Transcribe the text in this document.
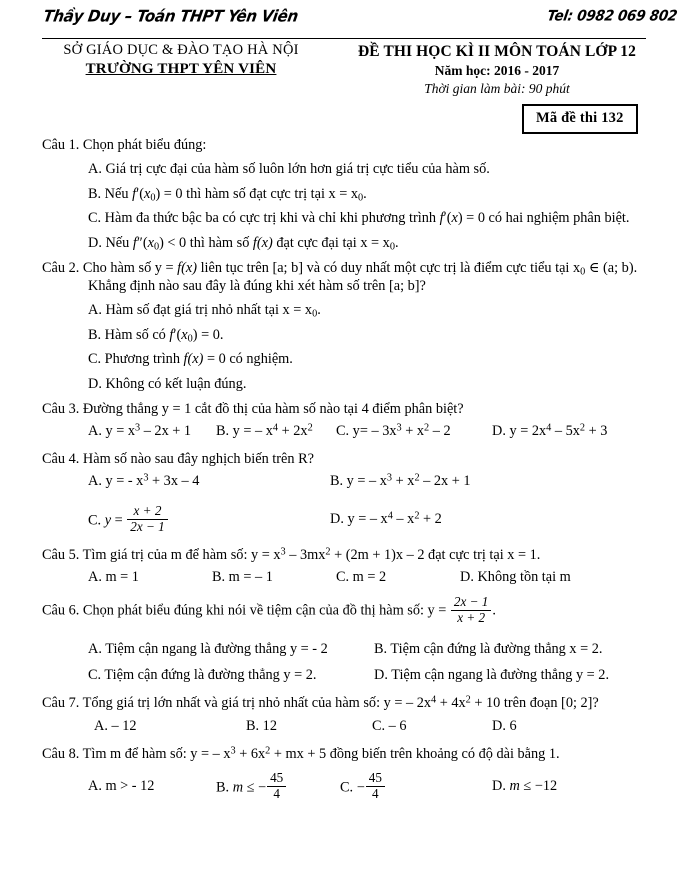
Thầy Duy – Toán THPT Yên Viên	Tel: 0982 069 802
SỞ GIÁO DỤC & ĐÀO TẠO HÀ NỘI
TRƯỜNG THPT YÊN VIÊN
ĐỀ THI HỌC KÌ II MÔN TOÁN LỚP 12
Năm học: 2016 - 2017
Thời gian làm bài: 90 phút
Mã đề thi 132
Câu 1. Chọn phát biểu đúng:
A. Giá trị cực đại của hàm số luôn lớn hơn giá trị cực tiểu của hàm số.
B. Nếu $f'(x_0) = 0$ thì hàm số đạt cực trị tại $x = x_0$.
C. Hàm đa thức bậc ba có cực trị khi và chỉ khi phương trình f′(x) = 0 có hai nghiệm phân biệt.
D. Nếu $f''(x_0) < 0$ thì hàm số f(x) đạt cực đại tại $x = x_0$.
Câu 2. Cho hàm số y = f(x) liên tục trên [a; b] và có duy nhất một cực trị là điểm cực tiểu tại $x_0$ ∈ (a; b). Khẳng định nào sau đây là đúng khi xét hàm số trên [a; b]?
A. Hàm số đạt giá trị nhỏ nhất tại $x = x_0$.
B. Hàm số có $f'(x_0) = 0$.
C. Phương trình f(x) = 0 có nghiệm.
D. Không có kết luận đúng.
Câu 3. Đường thẳng y = 1 cắt đồ thị của hàm số nào tại 4 điểm phân biệt?
A. $y = x^3 - 2x + 1$ B. y = – $x^4 + 2x^2$ C. $y= - 3x^3 + x^2 - 2$	D. $y = 2x^4 - 5x^2 + 3$
Câu 4. Hàm số nào sau đây nghịch biến trên R?
A. y = - $x^3 + 3x - 4$	B. y = – $x^3 + x^2 - 2x + 1$
C. $y = \frac{x + 2}{2x - 1}$	D. y = – $x^4 - x^2 + 2$
Câu 5. Tìm giá trị của m để hàm số: $y = x^3 - 3mx^2 + (2m + 1)x - 2$ đạt cực trị tại x = 1.
A. m = 1	B. m = – 1	C. m = 2	D. Không tồn tại m
Câu 6. Chọn phát biểu đúng khi nói về tiệm cận của đồ thị hàm số: $y = \frac{2x - 1}{x + 2}$ .
A. Tiệm cận ngang là đường thẳng y = - 2	B. Tiệm cận đứng là đường thẳng x = 2.
C. Tiệm cận đứng là đường thẳng y = 2.	D. Tiệm cận ngang là đường thẳng y = 2.
Câu 7. Tổng giá trị lớn nhất và giá trị nhỏ nhất của hàm số: y = – $2x^4 + 4x^2 + 10$ trên đoạn [0; 2]?
A. – 12	B. 12	C. – 6	D. 6
Câu 8. Tìm m để hàm số: y = – $x^3 + 6x^2$ + mx + 5 đồng biến trên khoảng có độ dài bằng 1.
A. m > - 12	B. m ≤ − $\frac{45}{4}$	C. − $\frac{45}{4}$	D. m ≤ −12
